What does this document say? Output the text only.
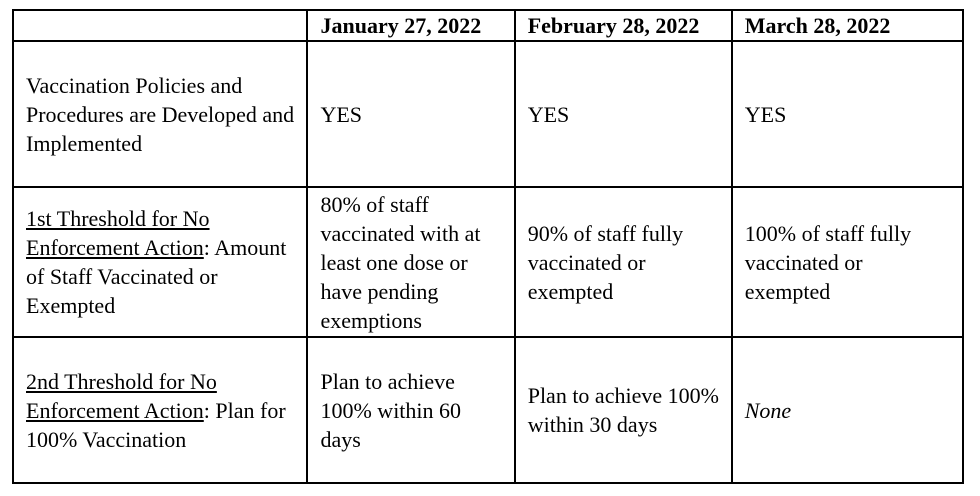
	January 27, 2022	February 28, 2022	March 28, 2022
Vaccination Policies and Procedures are Developed and Implemented	YES	YES	YES
1st Threshold for No Enforcement Action: Amount of Staff Vaccinated or Exempted	80% of staff vaccinated with at least one dose or have pending exemptions	90% of staff fully vaccinated or exempted	100% of staff fully vaccinated or exempted
2nd Threshold for No Enforcement Action: Plan for 100% Vaccination	Plan to achieve 100% within 60 days	Plan to achieve 100% within 30 days	None
